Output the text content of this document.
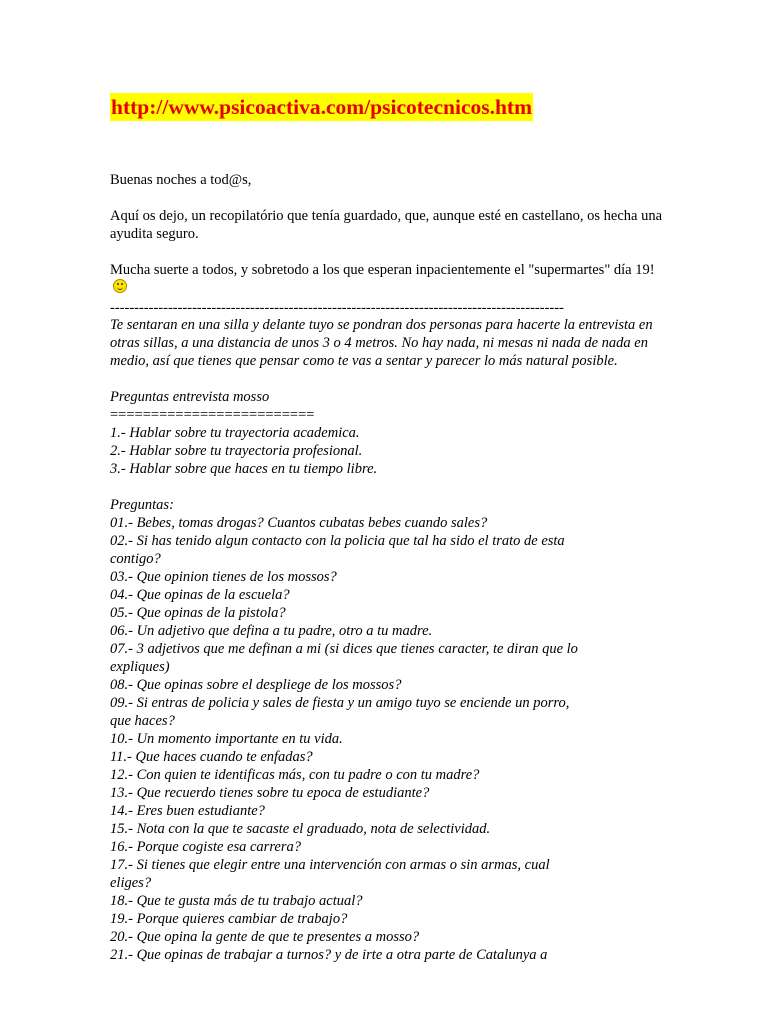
http://www.psicoactiva.com/psicotecnicos.htm

Buenas noches a tod@s,

Aquí os dejo, un recopilatório que tenía guardado, que, aunque esté en castellano, os hecha una ayudita seguro.

Mucha suerte a todos, y sobretodo a los que esperan inpacientemente el "supermartes" día 19!

----------------------------------------------------------------------------------------------

Te sentaran en una silla y delante tuyo se pondran dos personas para hacerte la entrevista en otras sillas, a una distancia de unos 3 o 4 metros. No hay nada, ni mesas ni nada de nada en medio, así que tienes que pensar como te vas a sentar y parecer lo más natural posible.

Preguntas entrevista mosso

=========================

1.- Hablar sobre tu trayectoria academica.
2.- Hablar sobre tu trayectoria profesional.
3.- Hablar sobre que haces en tu tiempo libre.

Preguntas:

01.- Bebes, tomas drogas? Cuantos cubatas bebes cuando sales?
02.- Si has tenido algun contacto con la policia que tal ha sido el trato de esta contigo?
03.- Que opinion tienes de los mossos?
04.- Que opinas de la escuela?
05.- Que opinas de la pistola?
06.- Un adjetivo que defina a tu padre, otro a tu madre.
07.- 3 adjetivos que me definan a mi (si dices que tienes caracter, te diran que lo expliques)
08.- Que opinas sobre el despliege de los mossos?
09.- Si entras de policia y sales de fiesta y un amigo tuyo se enciende un porro, que haces?
10.- Un momento importante en tu vida.
11.- Que haces cuando te enfadas?
12.- Con quien te identificas más, con tu padre o con tu madre?
13.- Que recuerdo tienes sobre tu epoca de estudiante?
14.- Eres buen estudiante?
15.- Nota con la que te sacaste el graduado, nota de selectividad.
16.- Porque cogiste esa carrera?
17.- Si tienes que elegir entre una intervención con armas o sin armas, cual eliges?
18.- Que te gusta más de tu trabajo actual?
19.- Porque quieres cambiar de trabajo?
20.- Que opina la gente de que te presentes a mosso?
21.- Que opinas de trabajar a turnos? y de irte a otra parte de Catalunya a
